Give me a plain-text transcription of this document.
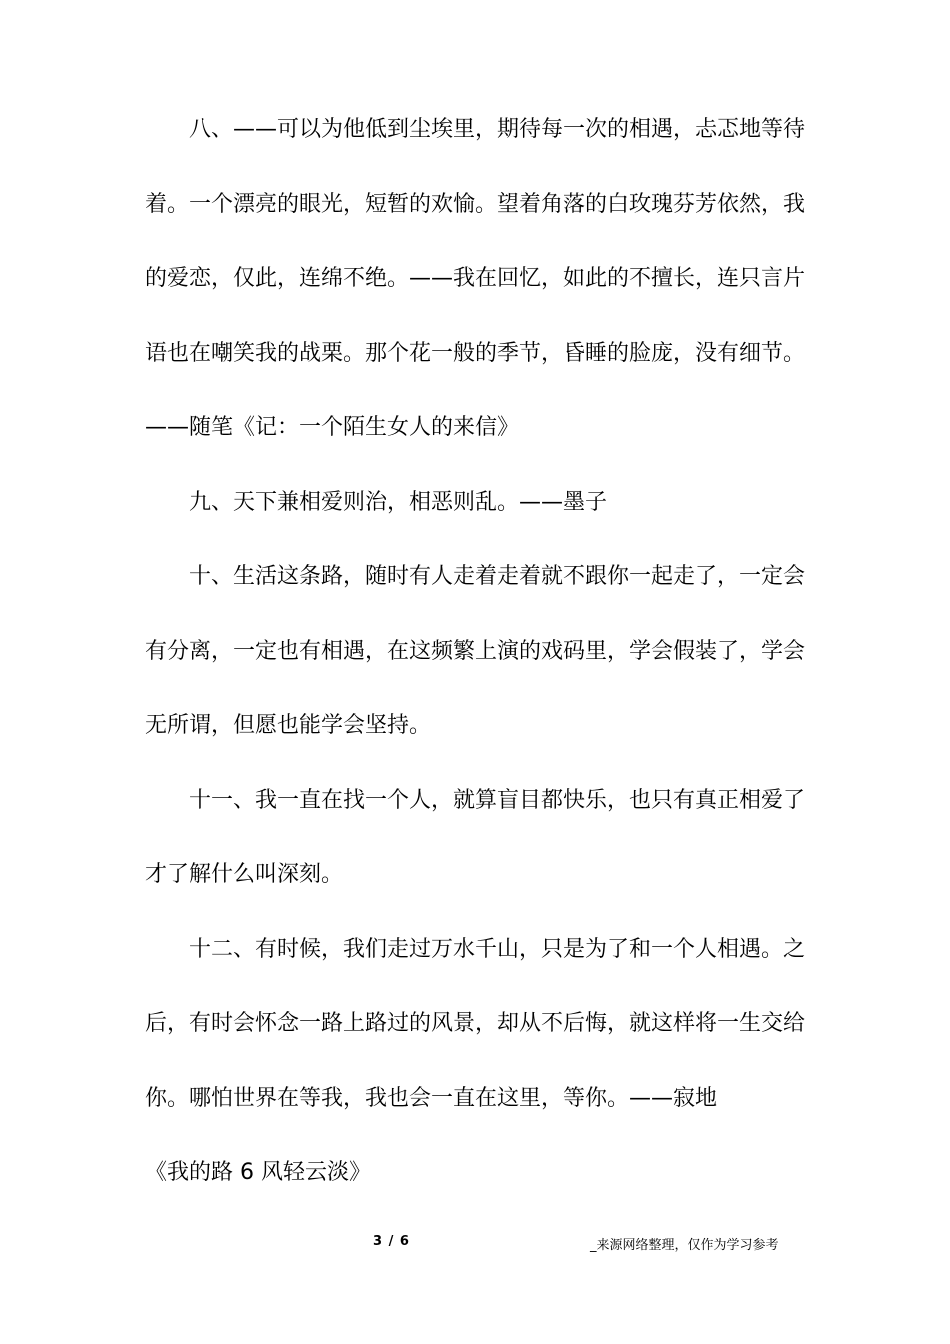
八、——可以为他低到尘埃里，期待每一次的相遇，忐忑地等待着。一个漂亮的眼光，短暂的欢愉。望着角落的白玫瑰芬芳依然，我的爱恋，仅此，连绵不绝。——我在回忆，如此的不擅长，连只言片语也在嘲笑我的战栗。那个花一般的季节，昏睡的脸庞，没有细节。——随笔《记：一个陌生女人的来信》

九、天下兼相爱则治，相恶则乱。——墨子

十、生活这条路，随时有人走着走着就不跟你一起走了，一定会有分离，一定也有相遇，在这频繁上演的戏码里，学会假装了，学会无所谓，但愿也能学会坚持。

十一、我一直在找一个人，就算盲目都快乐，也只有真正相爱了才了解什么叫深刻。

十二、有时候，我们走过万水千山，只是为了和一个人相遇。之后，有时会怀念一路上路过的风景，却从不后悔，就这样将一生交给你。哪怕世界在等我，我也会一直在这里，等你。——寂地

《我的路 6 风轻云淡》

3 / 6	_来源网络整理，仅作为学习参考
